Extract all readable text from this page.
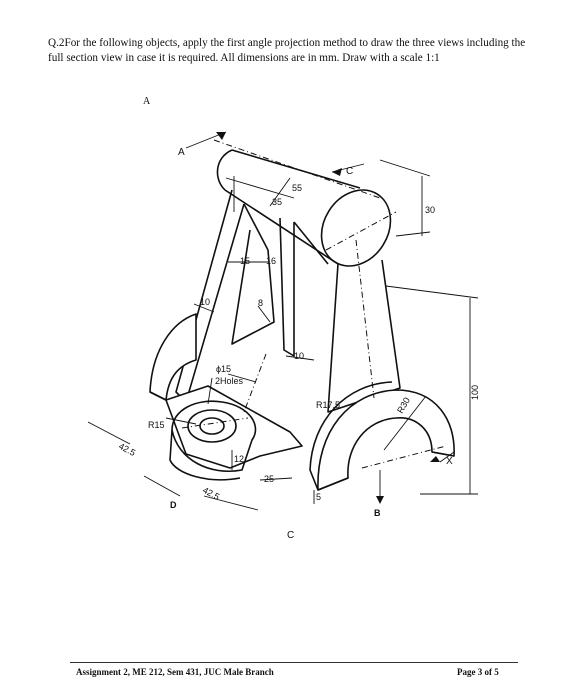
Q.2For the following objects, apply the first angle projection method to draw the three views including the full section view in case it is required. All dimensions are in mm. Draw with a scale 1:1
A
A
C
B
C
D
X
55
35
30
15 16
10	8
10
ϕ15
2Holes
100
R17.5	R30
R15
42.5
42.5
12
25
5
Assignment 2, ME 212, Sem 431, JUC Male Branch	Page 3 of 5
